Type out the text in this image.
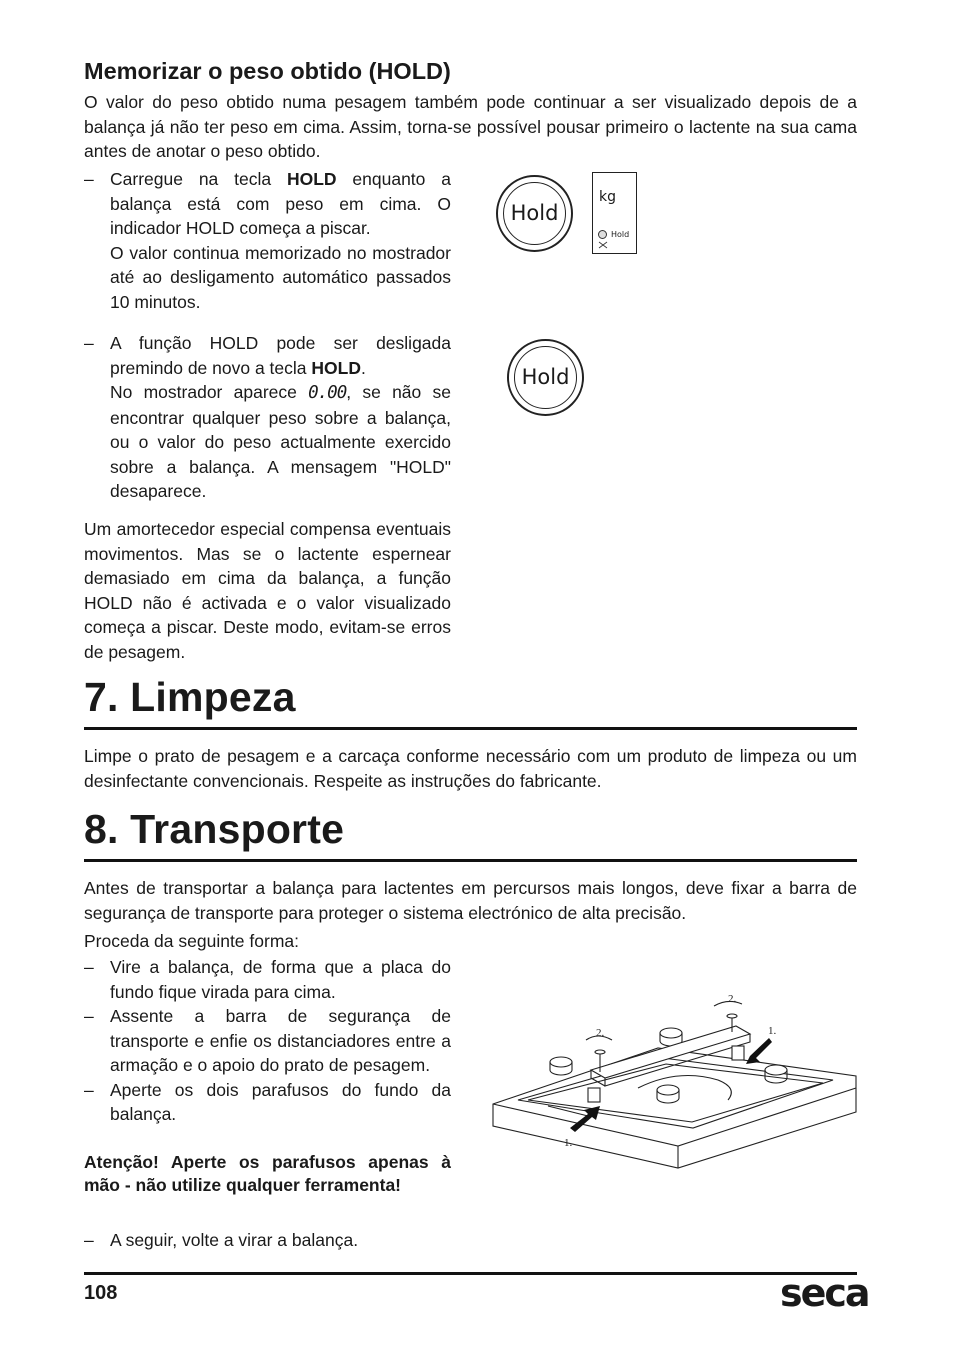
Memorizar o peso obtido (HOLD)

O valor do peso obtido numa pesagem também pode continuar a ser visualizado depois de a balança já não ter peso em cima. Assim, torna-se possível pousar primeiro o lactente na sua cama antes de anotar o peso obtido.

– Carregue na tecla HOLD enquanto a balança está com peso em cima. O indicador HOLD começa a piscar.
O valor continua memorizado no mostrador até ao desligamento automático passados 10 minutos.
– A função HOLD pode ser desligada premindo de novo a tecla HOLD.
No mostrador aparece 0.00, se não se encontrar qualquer peso sobre a balança, ou o valor do peso actualmente exercido sobre a balança. A mensagem "HOLD" desaparece.

Um amortecedor especial compensa eventuais movimentos. Mas se o lactente espernear demasiado em cima da balança, a função HOLD não é activada e o valor visualizado começa a piscar. Deste modo, evitam-se erros de pesagem.

Hold
kg
Hold
Hold
7. Limpeza

Limpe o prato de pesagem e a carcaça conforme necessário com um produto de limpeza ou um desinfectante convencionais. Respeite as instruções do fabricante.

8. Transporte

Antes de transportar a balança para lactentes em percursos mais longos, deve fixar a barra de segurança de transporte para proteger o sistema electrónico de alta precisão.

Proceda da seguinte forma:

– Vire a balança, de forma que a placa do fundo fique virada para cima.
– Assente a barra de segurança de transporte e enfie os distanciadores entre a armação e o apoio do prato de pesagem.
– Aperte os dois parafusos do fundo da balança.

Atenção! Aperte os parafusos apenas à mão - não utilize qualquer ferramenta!

– A seguir, volte a virar a balança.
2.
2.	1.
1.
108	seca
